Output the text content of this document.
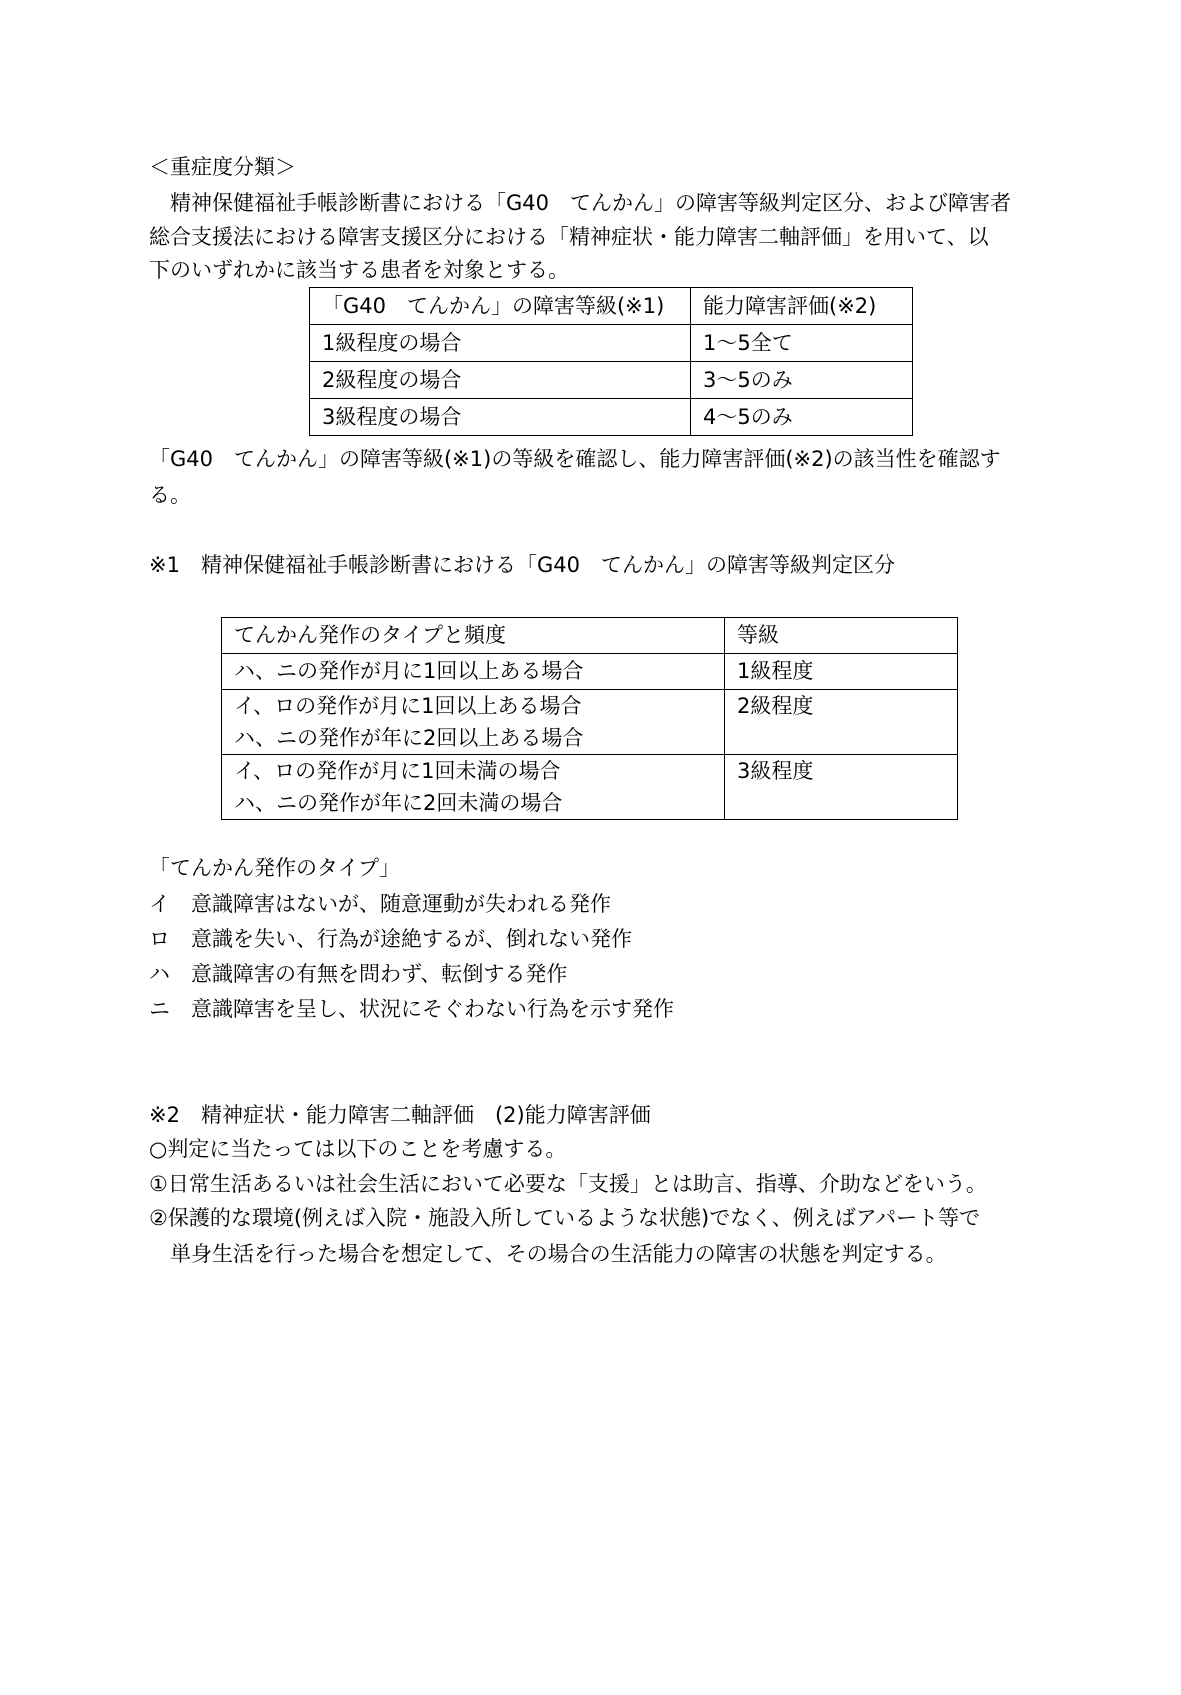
＜重症度分類＞
　精神保健福祉手帳診断書における「G40　てんかん」の障害等級判定区分、および障害者
総合支援法における障害支援区分における「精神症状・能力障害二軸評価」を用いて、以
下のいずれかに該当する患者を対象とする。
「G40　てんかん」の障害等級(※1)	能力障害評価(※2)
1級程度の場合	1～5全て
2級程度の場合	3～5のみ
3級程度の場合	4～5のみ
「G40　てんかん」の障害等級(※1)の等級を確認し、能力障害評価(※2)の該当性を確認す
る。
※1　精神保健福祉手帳診断書における「G40　てんかん」の障害等級判定区分
てんかん発作のタイプと頻度	等級
ハ、ニの発作が月に1回以上ある場合	1級程度

イ、ロの発作が月に1回以上ある場合
ハ、ニの発作が年に2回以上ある場合	2級程度

イ、ロの発作が月に1回未満の場合
ハ、ニの発作が年に2回未満の場合	3級程度
「てんかん発作のタイプ」
イ　意識障害はないが、随意運動が失われる発作
ロ　意識を失い、行為が途絶するが、倒れない発作
ハ　意識障害の有無を問わず、転倒する発作
ニ　意識障害を呈し、状況にそぐわない行為を示す発作
※2　精神症状・能力障害二軸評価　(2)能力障害評価
○判定に当たっては以下のことを考慮する。
①日常生活あるいは社会生活において必要な「支援」とは助言、指導、介助などをいう。
②保護的な環境(例えば入院・施設入所しているような状態)でなく、例えばアパート等で
　単身生活を行った場合を想定して、その場合の生活能力の障害の状態を判定する。
